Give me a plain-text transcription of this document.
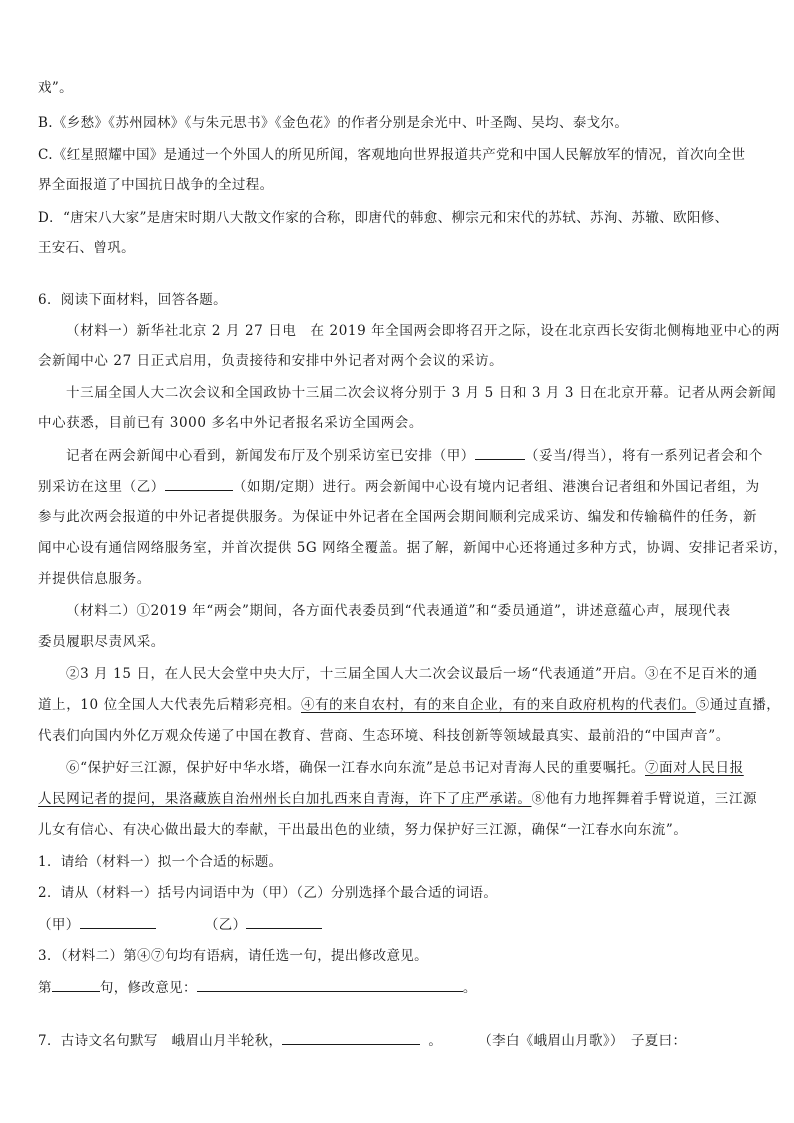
戏”。
B.《乡愁》《苏州园林》《与朱元思书》《金色花》的作者分别是余光中、叶圣陶、吴均、泰戈尔。
C.《红星照耀中国》是通过一个外国人的所见所闻，客观地向世界报道共产党和中国人民解放军的情况，首次向全世
界全面报道了中国抗日战争的全过程。
D．“唐宋八大家”是唐宋时期八大散文作家的合称，即唐代的韩愈、柳宗元和宋代的苏轼、苏洵、苏辙、欧阳修、
王安石、曾巩。
6．阅读下面材料，回答各题。
（材料一）新华社北京 2 月 27 日电　在 2019 年全国两会即将召开之际，设在北京西长安街北侧梅地亚中心的两
会新闻中心 27 日正式启用，负责接待和安排中外记者对两个会议的采访。
十三届全国人大二次会议和全国政协十三届二次会议将分别于 3 月 5 日和 3 月 3 日在北京开幕。记者从两会新闻
中心获悉，目前已有 3000 多名中外记者报名采访全国两会。
记者在两会新闻中心看到，新闻发布厅及个别采访室已安排（甲）	（妥当/得当），将有一系列记者会和个
别采访在这里（乙）	（如期/定期）进行。两会新闻中心设有境内记者组、港澳台记者组和外国记者组，为
参与此次两会报道的中外记者提供服务。为保证中外记者在全国两会期间顺利完成采访、编发和传输稿件的任务，新
闻中心设有通信网络服务室，并首次提供 5G 网络全覆盖。据了解，新闻中心还将通过多种方式，协调、安排记者采访，
并提供信息服务。
（材料二）①2019 年“两会”期间，各方面代表委员到“代表通道”和“委员通道”，讲述意蕴心声，展现代表
委员履职尽责风采。
②3 月 15 日，在人民大会堂中央大厅，十三届全国人大二次会议最后一场“代表通道”开启。③在不足百米的通
道上，10 位全国人大代表先后精彩亮相。④有的来自农村，有的来自企业，有的来自政府机构的代表们。⑤通过直播，
代表们向国内外亿万观众传递了中国在教育、营商、生态环境、科技创新等领域最真实、最前沿的“中国声音”。
⑥“保护好三江源，保护好中华水塔，确保一江春水向东流”是总书记对青海人民的重要嘱托。⑦面对人民日报
人民网记者的提问，果洛藏族自治州州长白加扎西来自青海，许下了庄严承诺。⑧他有力地挥舞着手臂说道，三江源
儿女有信心、有决心做出最大的奉献，干出最出色的业绩，努力保护好三江源，确保“一江春水向东流”。
1．请给（材料一）拟一个合适的标题。
2．请从（材料一）括号内词语中为（甲）（乙）分别选择个最合适的词语。
（甲）	（乙）
3．（材料二）第④⑦句均有语病，请任选一句，提出修改意见。
第	句，修改意见：	。
7．古诗文名句默写　峨眉山月半轮秋，	。	（李白《峨眉山月歌》）　子夏曰：
